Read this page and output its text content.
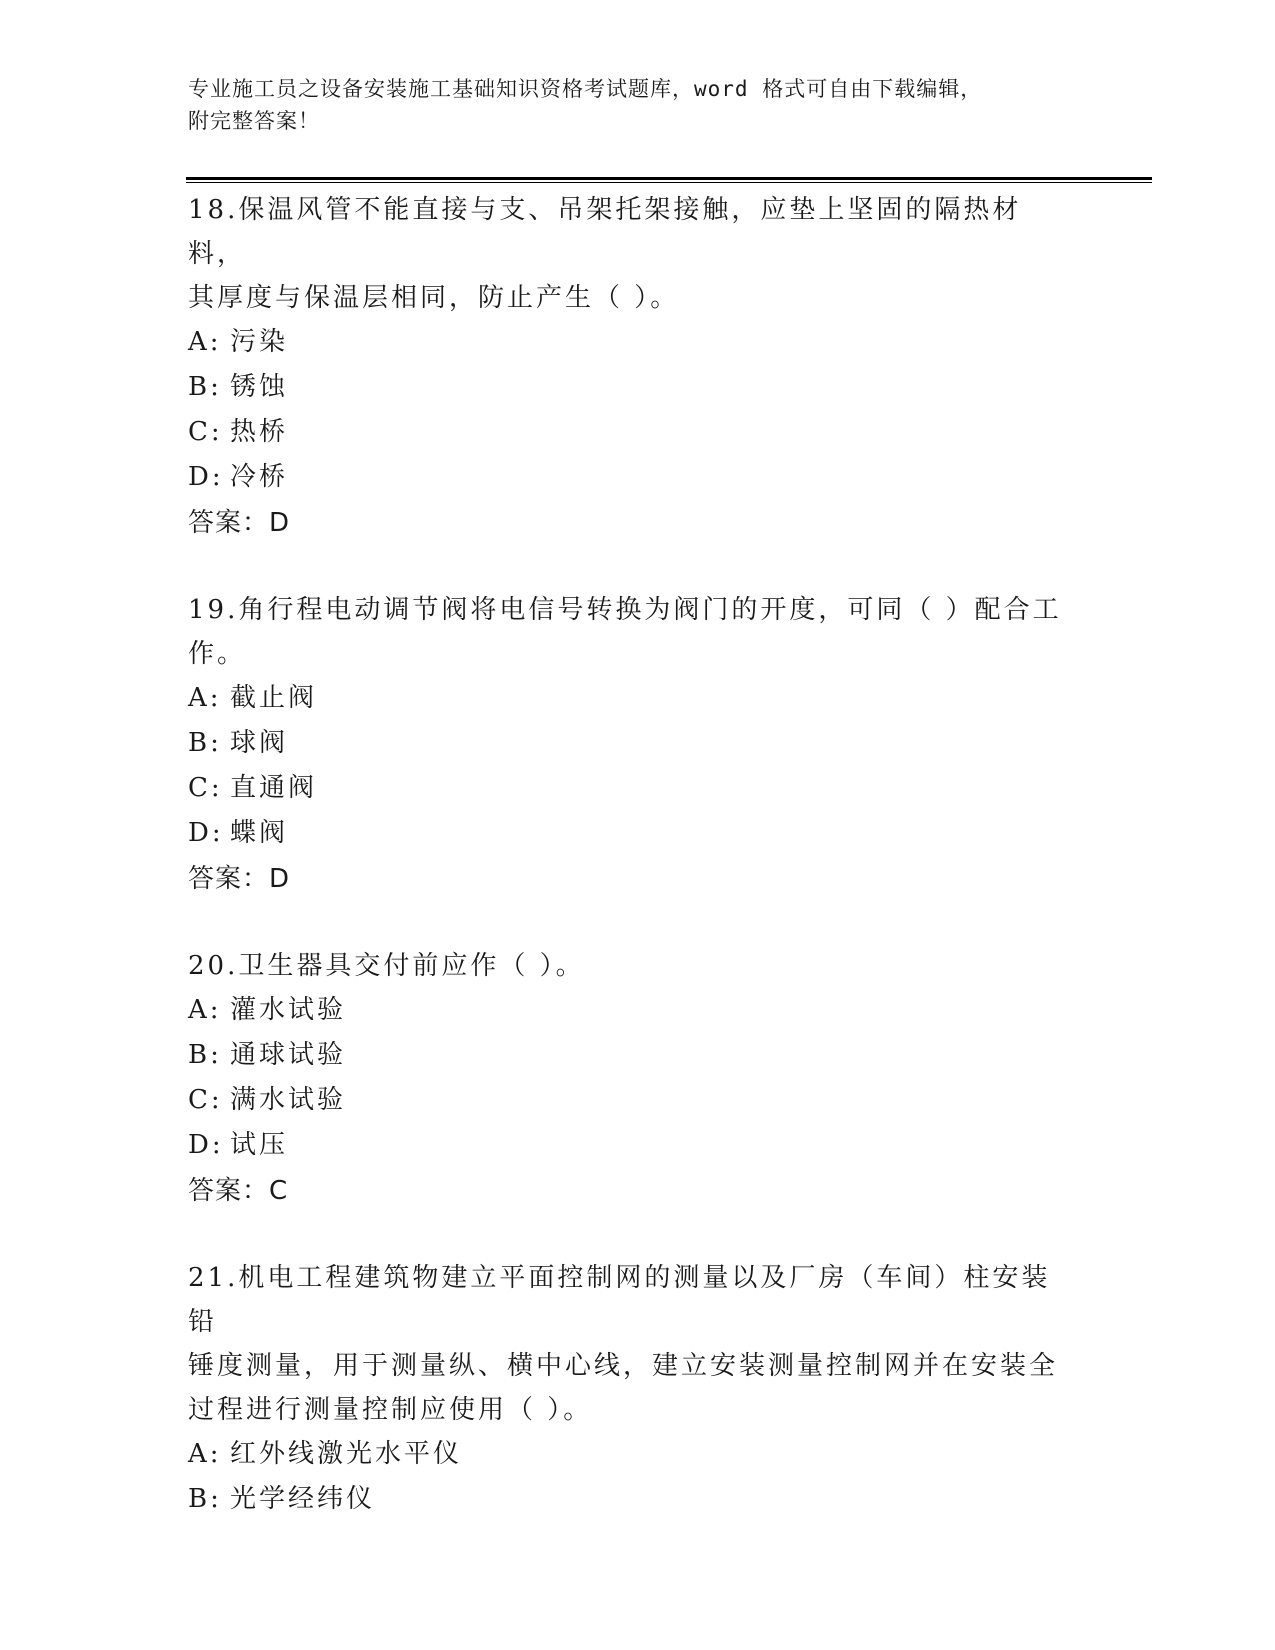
专业施工员之设备安装施工基础知识资格考试题库，word 格式可自由下载编辑，
附完整答案！
18.保温风管不能直接与支、吊架托架接触，应垫上坚固的隔热材料，
其厚度与保温层相同，防止产生（ ）。
A: 污染
B: 锈蚀
C: 热桥
D: 冷桥
答案：D
19.角行程电动调节阀将电信号转换为阀门的开度，可同（ ）配合工
作。
A: 截止阀
B: 球阀
C: 直通阀
D: 蝶阀
答案：D
20.卫生器具交付前应作（ ）。
A: 灌水试验
B: 通球试验
C: 满水试验
D: 试压
答案：C
21.机电工程建筑物建立平面控制网的测量以及厂房（车间）柱安装铅
锤度测量，用于测量纵、横中心线，建立安装测量控制网并在安装全
过程进行测量控制应使用（ ）。
A: 红外线激光水平仪
B: 光学经纬仪
